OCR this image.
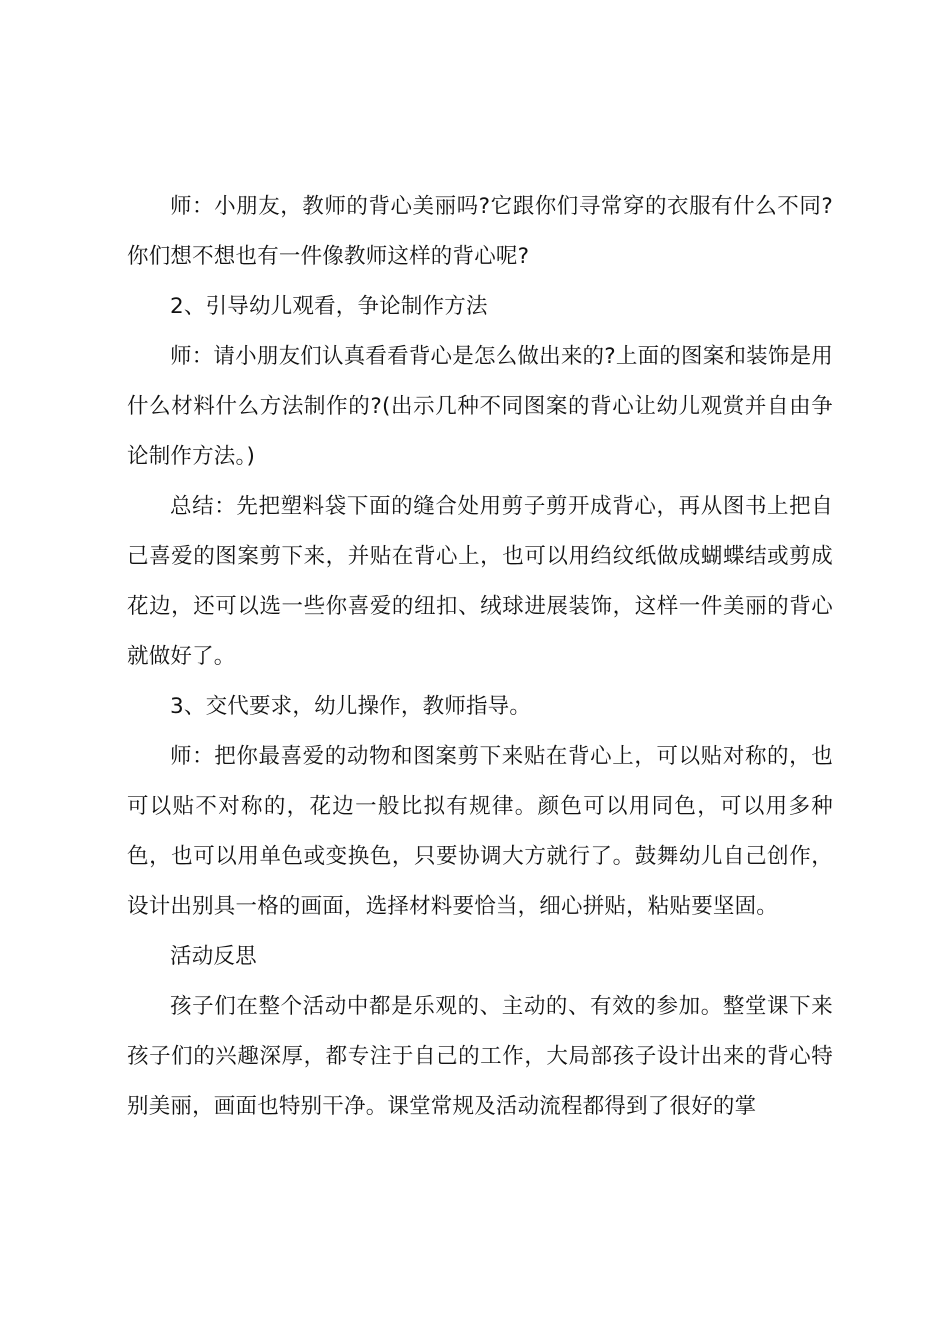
师：小朋友，教师的背心美丽吗?它跟你们寻常穿的衣服有什么不同?你们想不想也有一件像教师这样的背心呢?

2、引导幼儿观看，争论制作方法

师：请小朋友们认真看看背心是怎么做出来的?上面的图案和装饰是用什么材料什么方法制作的?(出示几种不同图案的背心让幼儿观赏并自由争论制作方法。)

总结：先把塑料袋下面的缝合处用剪子剪开成背心，再从图书上把自己喜爱的图案剪下来，并贴在背心上，也可以用绉纹纸做成蝴蝶结或剪成花边，还可以选一些你喜爱的纽扣、绒球进展装饰，这样一件美丽的背心就做好了。

3、交代要求，幼儿操作，教师指导。

师：把你最喜爱的动物和图案剪下来贴在背心上，可以贴对称的，也可以贴不对称的，花边一般比拟有规律。颜色可以用同色，可以用多种色，也可以用单色或变换色，只要协调大方就行了。鼓舞幼儿自己创作，设计出别具一格的画面，选择材料要恰当，细心拼贴，粘贴要坚固。

活动反思

孩子们在整个活动中都是乐观的、主动的、有效的参加。整堂课下来孩子们的兴趣深厚，都专注于自己的工作，大局部孩子设计出来的背心特别美丽，画面也特别干净。课堂常规及活动流程都得到了很好的掌
